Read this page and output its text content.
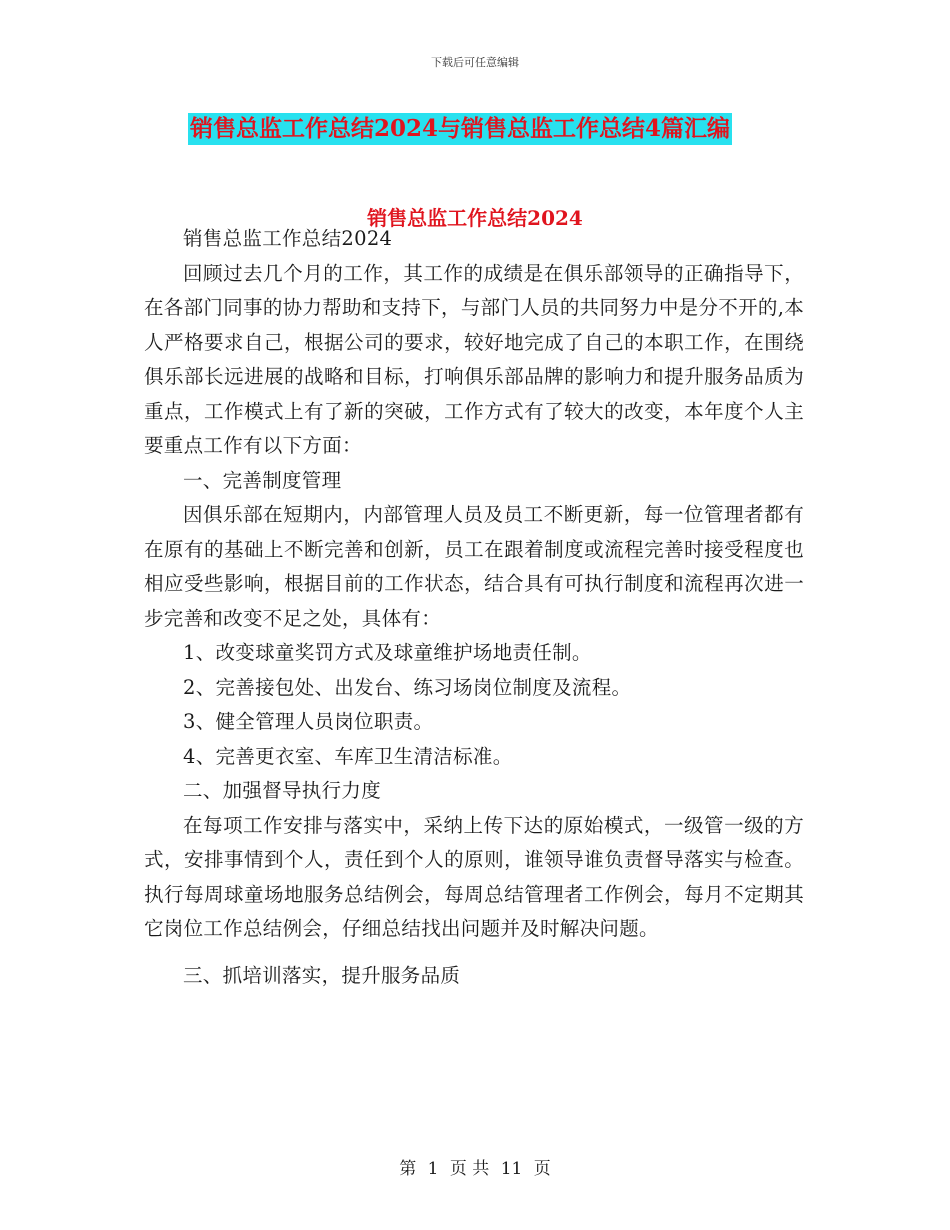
下载后可任意编辑
销售总监工作总结2024与销售总监工作总结4篇汇编
销售总监工作总结2024

销售总监工作总结2024

回顾过去几个月的工作，其工作的成绩是在俱乐部领导的正确指导下，在各部门同事的协力帮助和支持下，与部门人员的共同努力中是分不开的,本人严格要求自己，根据公司的要求，较好地完成了自己的本职工作，在围绕俱乐部长远进展的战略和目标，打响俱乐部品牌的影响力和提升服务品质为重点，工作模式上有了新的突破，工作方式有了较大的改变，本年度个人主要重点工作有以下方面：

一、完善制度管理

因俱乐部在短期内，内部管理人员及员工不断更新，每一位管理者都有在原有的基础上不断完善和创新，员工在跟着制度或流程完善时接受程度也相应受些影响，根据目前的工作状态，结合具有可执行制度和流程再次进一步完善和改变不足之处，具体有：

1、改变球童奖罚方式及球童维护场地责任制。

2、完善接包处、出发台、练习场岗位制度及流程。

3、健全管理人员岗位职责。

4、完善更衣室、车库卫生清洁标准。

二、加强督导执行力度

在每项工作安排与落实中，采纳上传下达的原始模式，一级管一级的方式，安排事情到个人，责任到个人的原则，谁领导谁负责督导落实与检查。执行每周球童场地服务总结例会，每周总结管理者工作例会，每月不定期其它岗位工作总结例会，仔细总结找出问题并及时解决问题。

三、抓培训落实，提升服务品质

第 1 页 共 11 页
